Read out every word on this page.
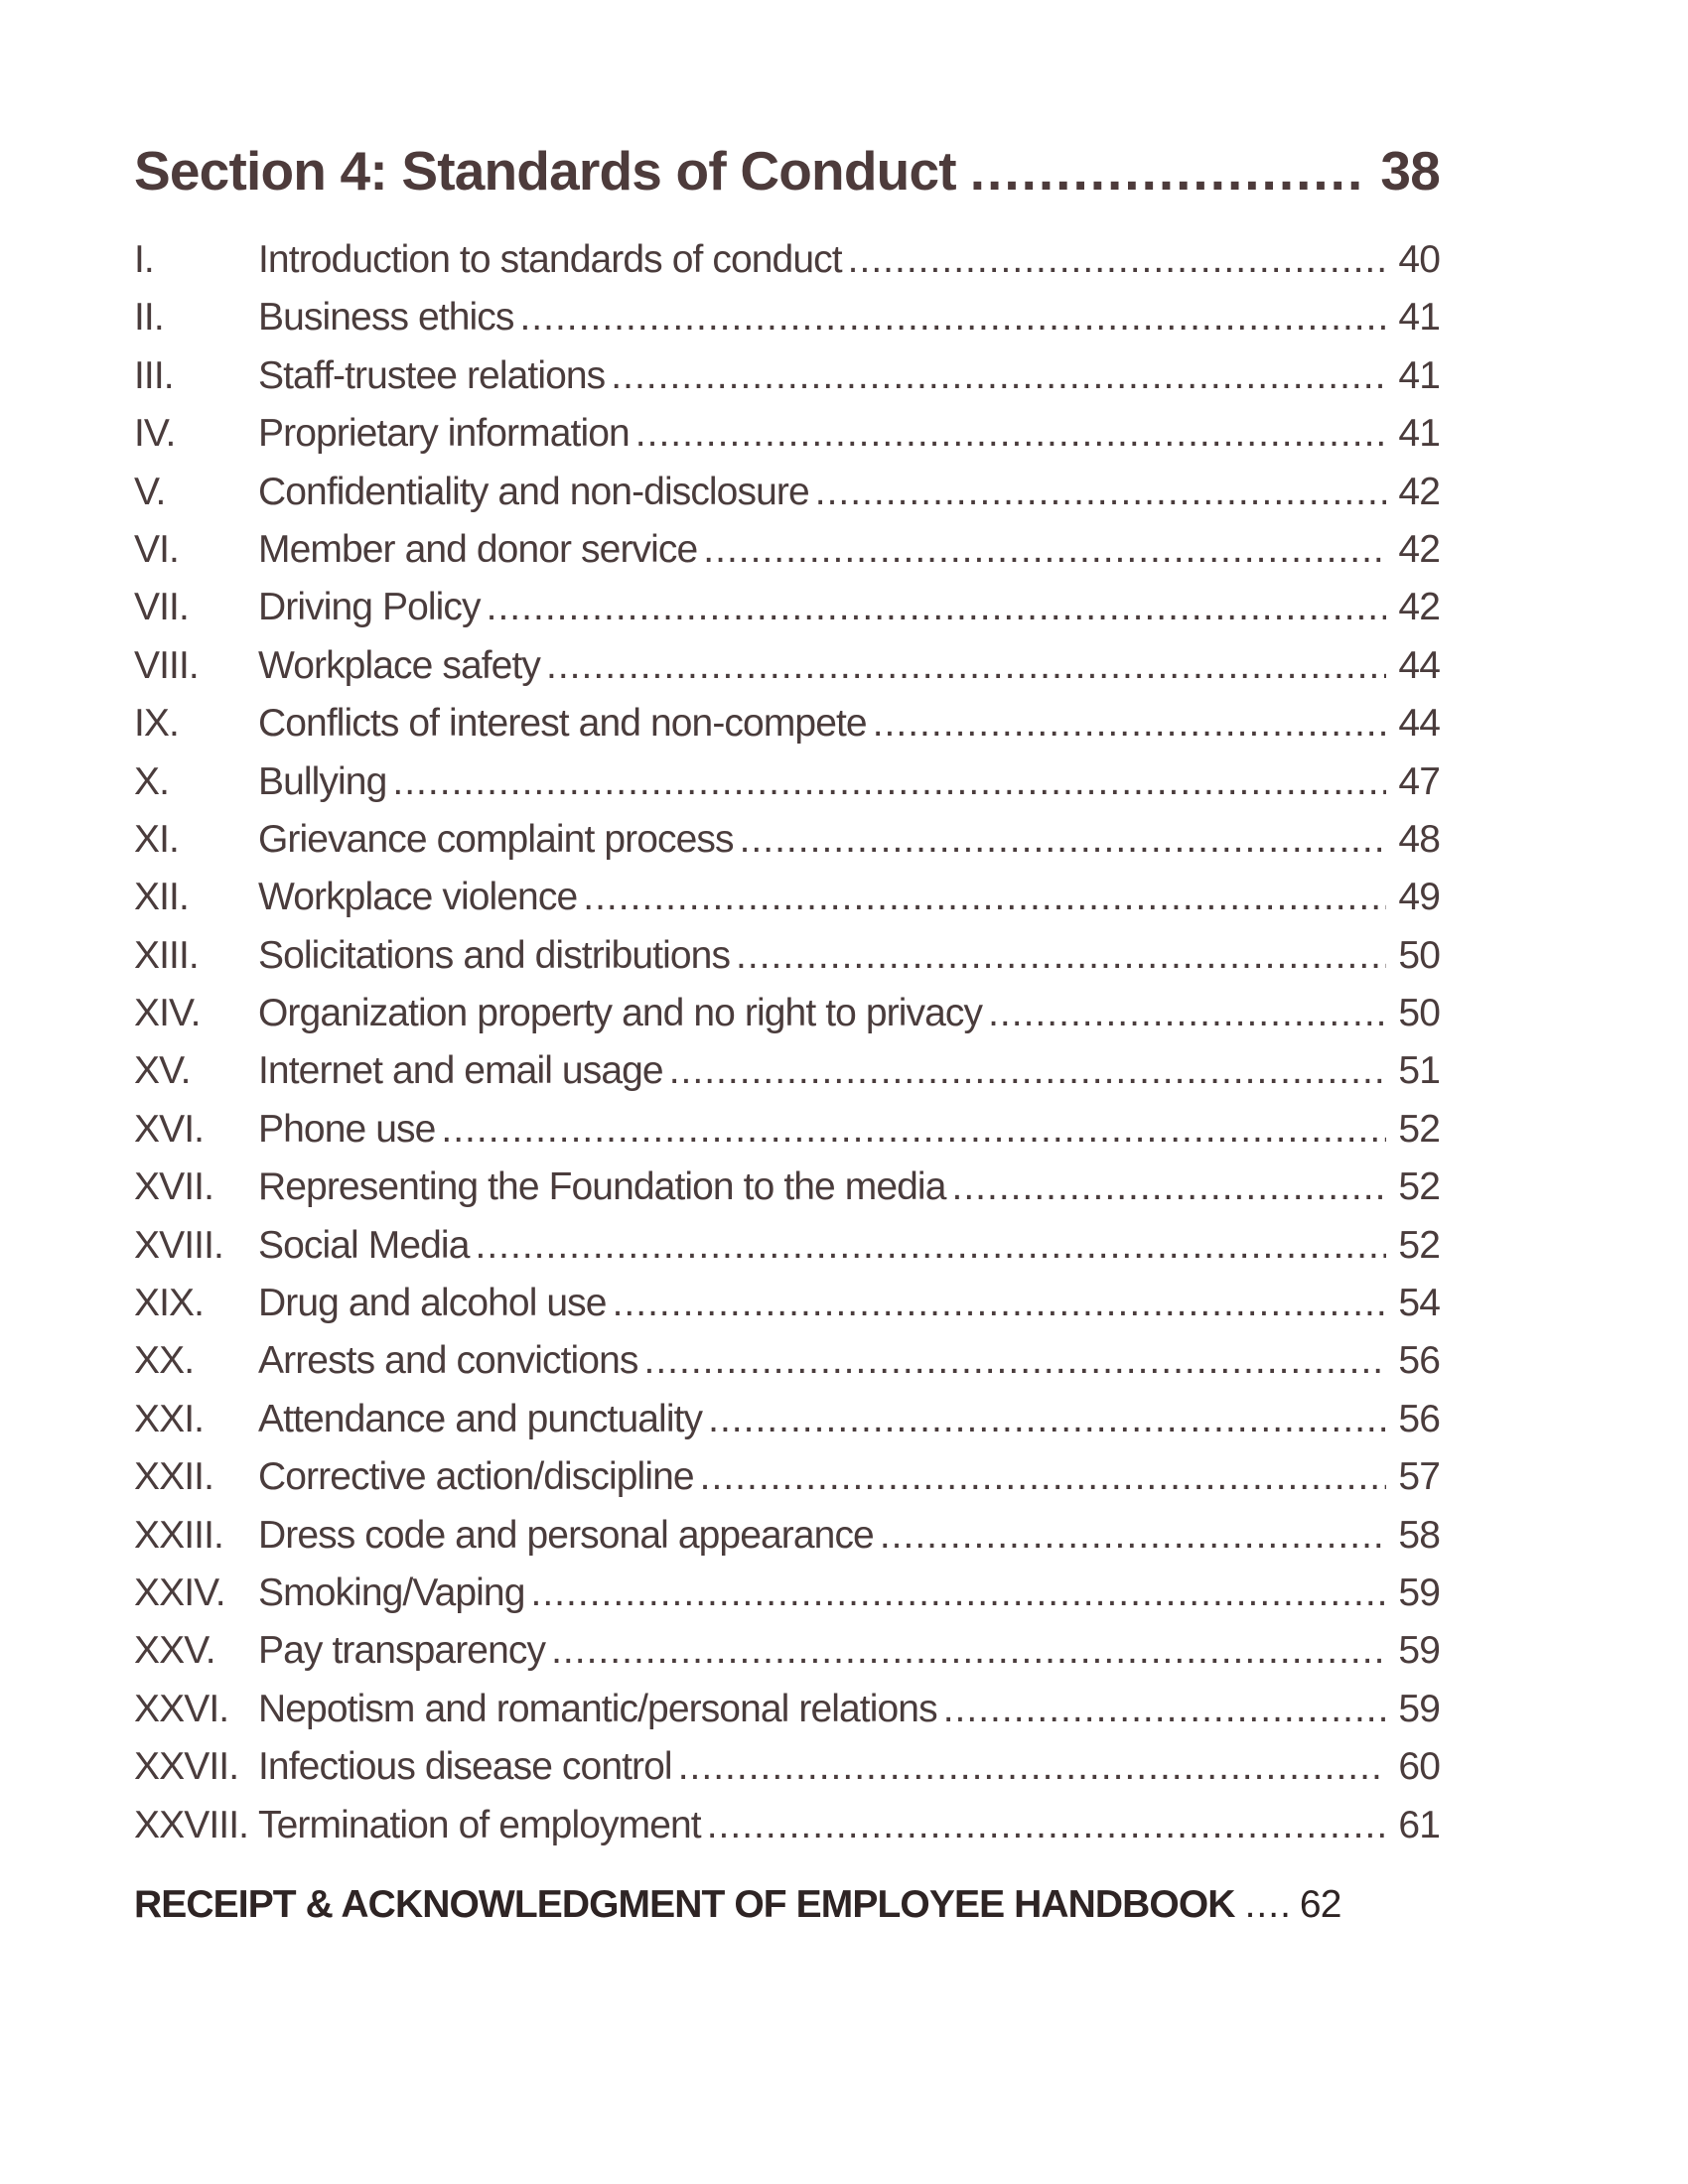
Section 4: Standards of Conduct .....	38
I.	Introduction to standards of conduct .....	40
II.	Business ethics .....	41
III.	Staff-trustee relations .....	41
IV.	Proprietary information .....	41
V.	Confidentiality and non-disclosure .....	42
VI.	Member and donor service .....	42
VII.	Driving Policy .....	42
VIII.	Workplace safety .....	44
IX.	Conflicts of interest and non-compete .....	44
X.	Bullying .....	47
XI.	Grievance complaint process .....	48
XII.	Workplace violence .....	49
XIII.	Solicitations and distributions .....	50
XIV.	Organization property and no right to privacy .....	50
XV.	Internet and email usage .....	51
XVI.	Phone use .....	52
XVII.	Representing the Foundation to the media .....	52
XVIII. Social Media .....	52
XIX.	Drug and alcohol use .....	54
XX.	Arrests and convictions .....	56
XXI.	Attendance and punctuality .....	56
XXII.	Corrective action/discipline .....	57
XXIII. Dress code and personal appearance .....	58
XXIV. Smoking/Vaping .....	59
XXV.	Pay transparency .....	59
XXVI. Nepotism and romantic/personal relations .....	59
XXVII. Infectious disease control .....	60
XXVIII. Termination of employment .....	61
RECEIPT & ACKNOWLEDGMENT OF EMPLOYEE HANDBOOK .... 62
